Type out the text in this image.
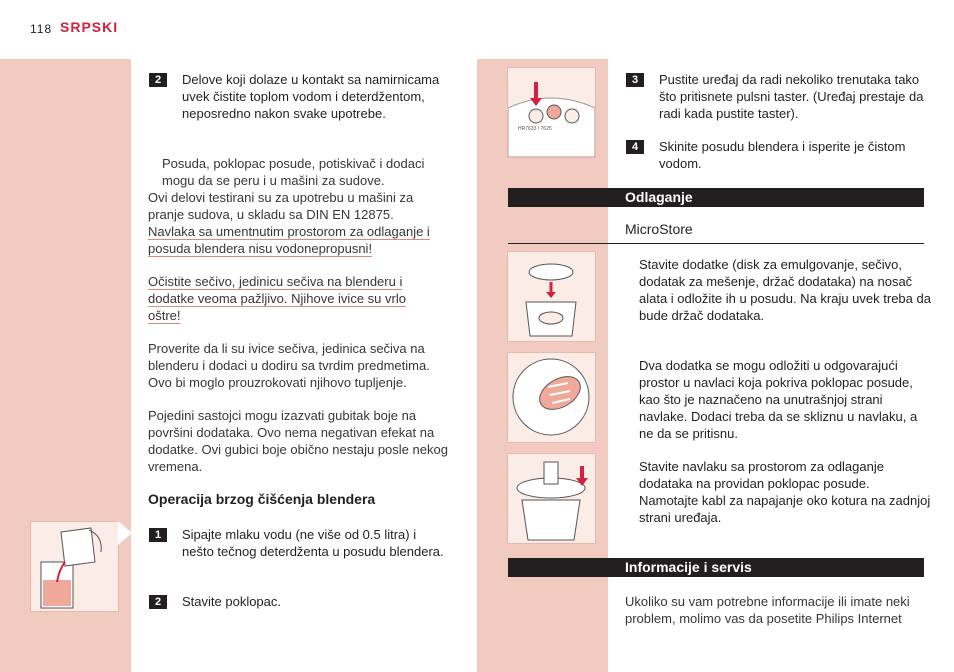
118 SRPSKI
2	Delove koji dolaze u kontakt sa namirnicama uvek čistite toplom vodom i deterdžentom, neposredno nakon svake upotrebe.
Posuda, poklopac posude, potiskivač i dodaci mogu da se peru i u mašini za sudove.
Ovi delovi testirani su za upotrebu u mašini za pranje sudova, u skladu sa DIN EN 12875.
Navlaka sa umentnutim prostorom za odlaganje i posuda blendera nisu vodonepropusni!
Očistite sečivo, jedinicu sečiva na blenderu i dodatke veoma pažljivo. Njihove ivice su vrlo oštre!
Proverite da li su ivice sečiva, jedinica sečiva na blenderu i dodaci u dodiru sa tvrdim predmetima. Ovo bi moglo prouzrokovati njihovo tupljenje.
Pojedini sastojci mogu izazvati gubitak boje na površini dodataka. Ovo nema negativan efekat na dodatke. Ovi gubici boje obično nestaju posle nekog vremena.
Operacija brzog čišćenja blendera
1	Sipajte mlaku vodu (ne više od 0.5 litra) i nešto tečnog deterdženta u posudu blendera.
2	Stavite poklopac.
HR7633 / 7625
3	Pustite uređaj da radi nekoliko trenutaka tako što pritisnete pulsni taster. (Uređaj prestaje da radi kada pustite taster).
4	Skinite posudu blendera i isperite je čistom vodom.
Odlaganje
MicroStore
Stavite dodatke (disk za emulgovanje, sečivo, dodatak za mešenje, držač dodataka) na nosač alata i odložite ih u posudu. Na kraju uvek treba da bude držač dodataka.
Dva dodatka se mogu odložiti u odgovarajući prostor u navlaci koja pokriva poklopac posude, kao što je naznačeno na unutrašnjoj strani navlake. Dodaci treba da se skliznu u navlaku, a ne da se pritisnu.
Stavite navlaku sa prostorom za odlaganje dodataka na providan poklopac posude. Namotajte kabl za napajanje oko kotura na zadnjoj strani uređaja.
Informacije i servis
Ukoliko su vam potrebne informacije ili imate neki problem, molimo vas da posetite Philips Internet
